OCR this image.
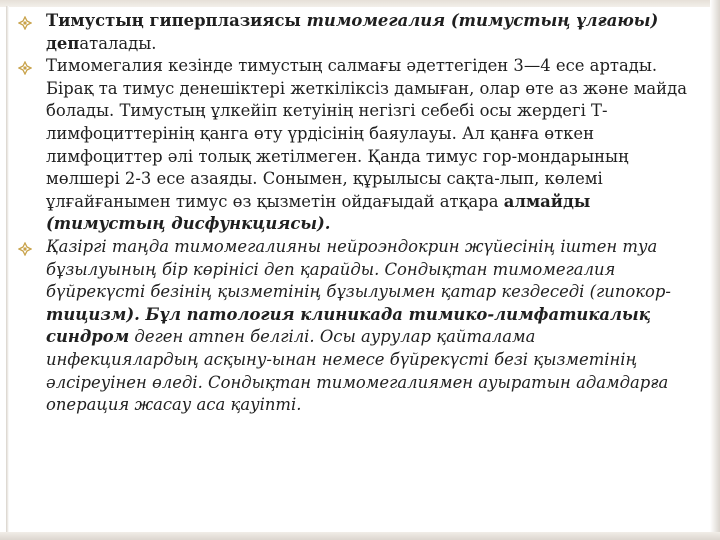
Тимустың гиперплазиясы тимомегалия (тимустың ұлғаюы) депаталады.
Тимомегалия кезінде тимустың салмағы әдеттегіден 3—4 есе артады. Бірақ та тимус денешіктері жеткіліксіз дамыған, олар өте аз және майда болады. Тимустың ұлкейіп кетуінің негізгі себебі осы жердегі Т-лимфоциттерінің қанга өту үрдісінің баяулауы. Ал қанға өткен лимфоциттер әлі толық жетілмеген. Қанда тимус гор-мондарының мөлшері 2-3 есе азаяды. Сонымен, құрылысы сақта-лып, көлемі ұлғайғанымен тимус өз қызметін ойдағыдай атқара алмайды (тимустың дисфункциясы).
Қазіргі таңда тимомегалияны нейроэндокрин жүйесінің іштен туа бұзылуының бір көрінісі деп қарайды. Сондықтан тимомегалия бүйрекүсті безінің қызметінің бұзылуымен қатар кездеседі (гипокор-тицизм). Бұл патология клиникада тимико-лимфатикалық синдром деген атпен белгілі. Осы аурулар қайталама инфекциялардың асқыну-ынан немесе бүйрекүсті безі қызметінің әлсіреуінен өледі. Сондықтан тимомегалиямен ауыратын адамдарға операция жасау аса қауіпті.
